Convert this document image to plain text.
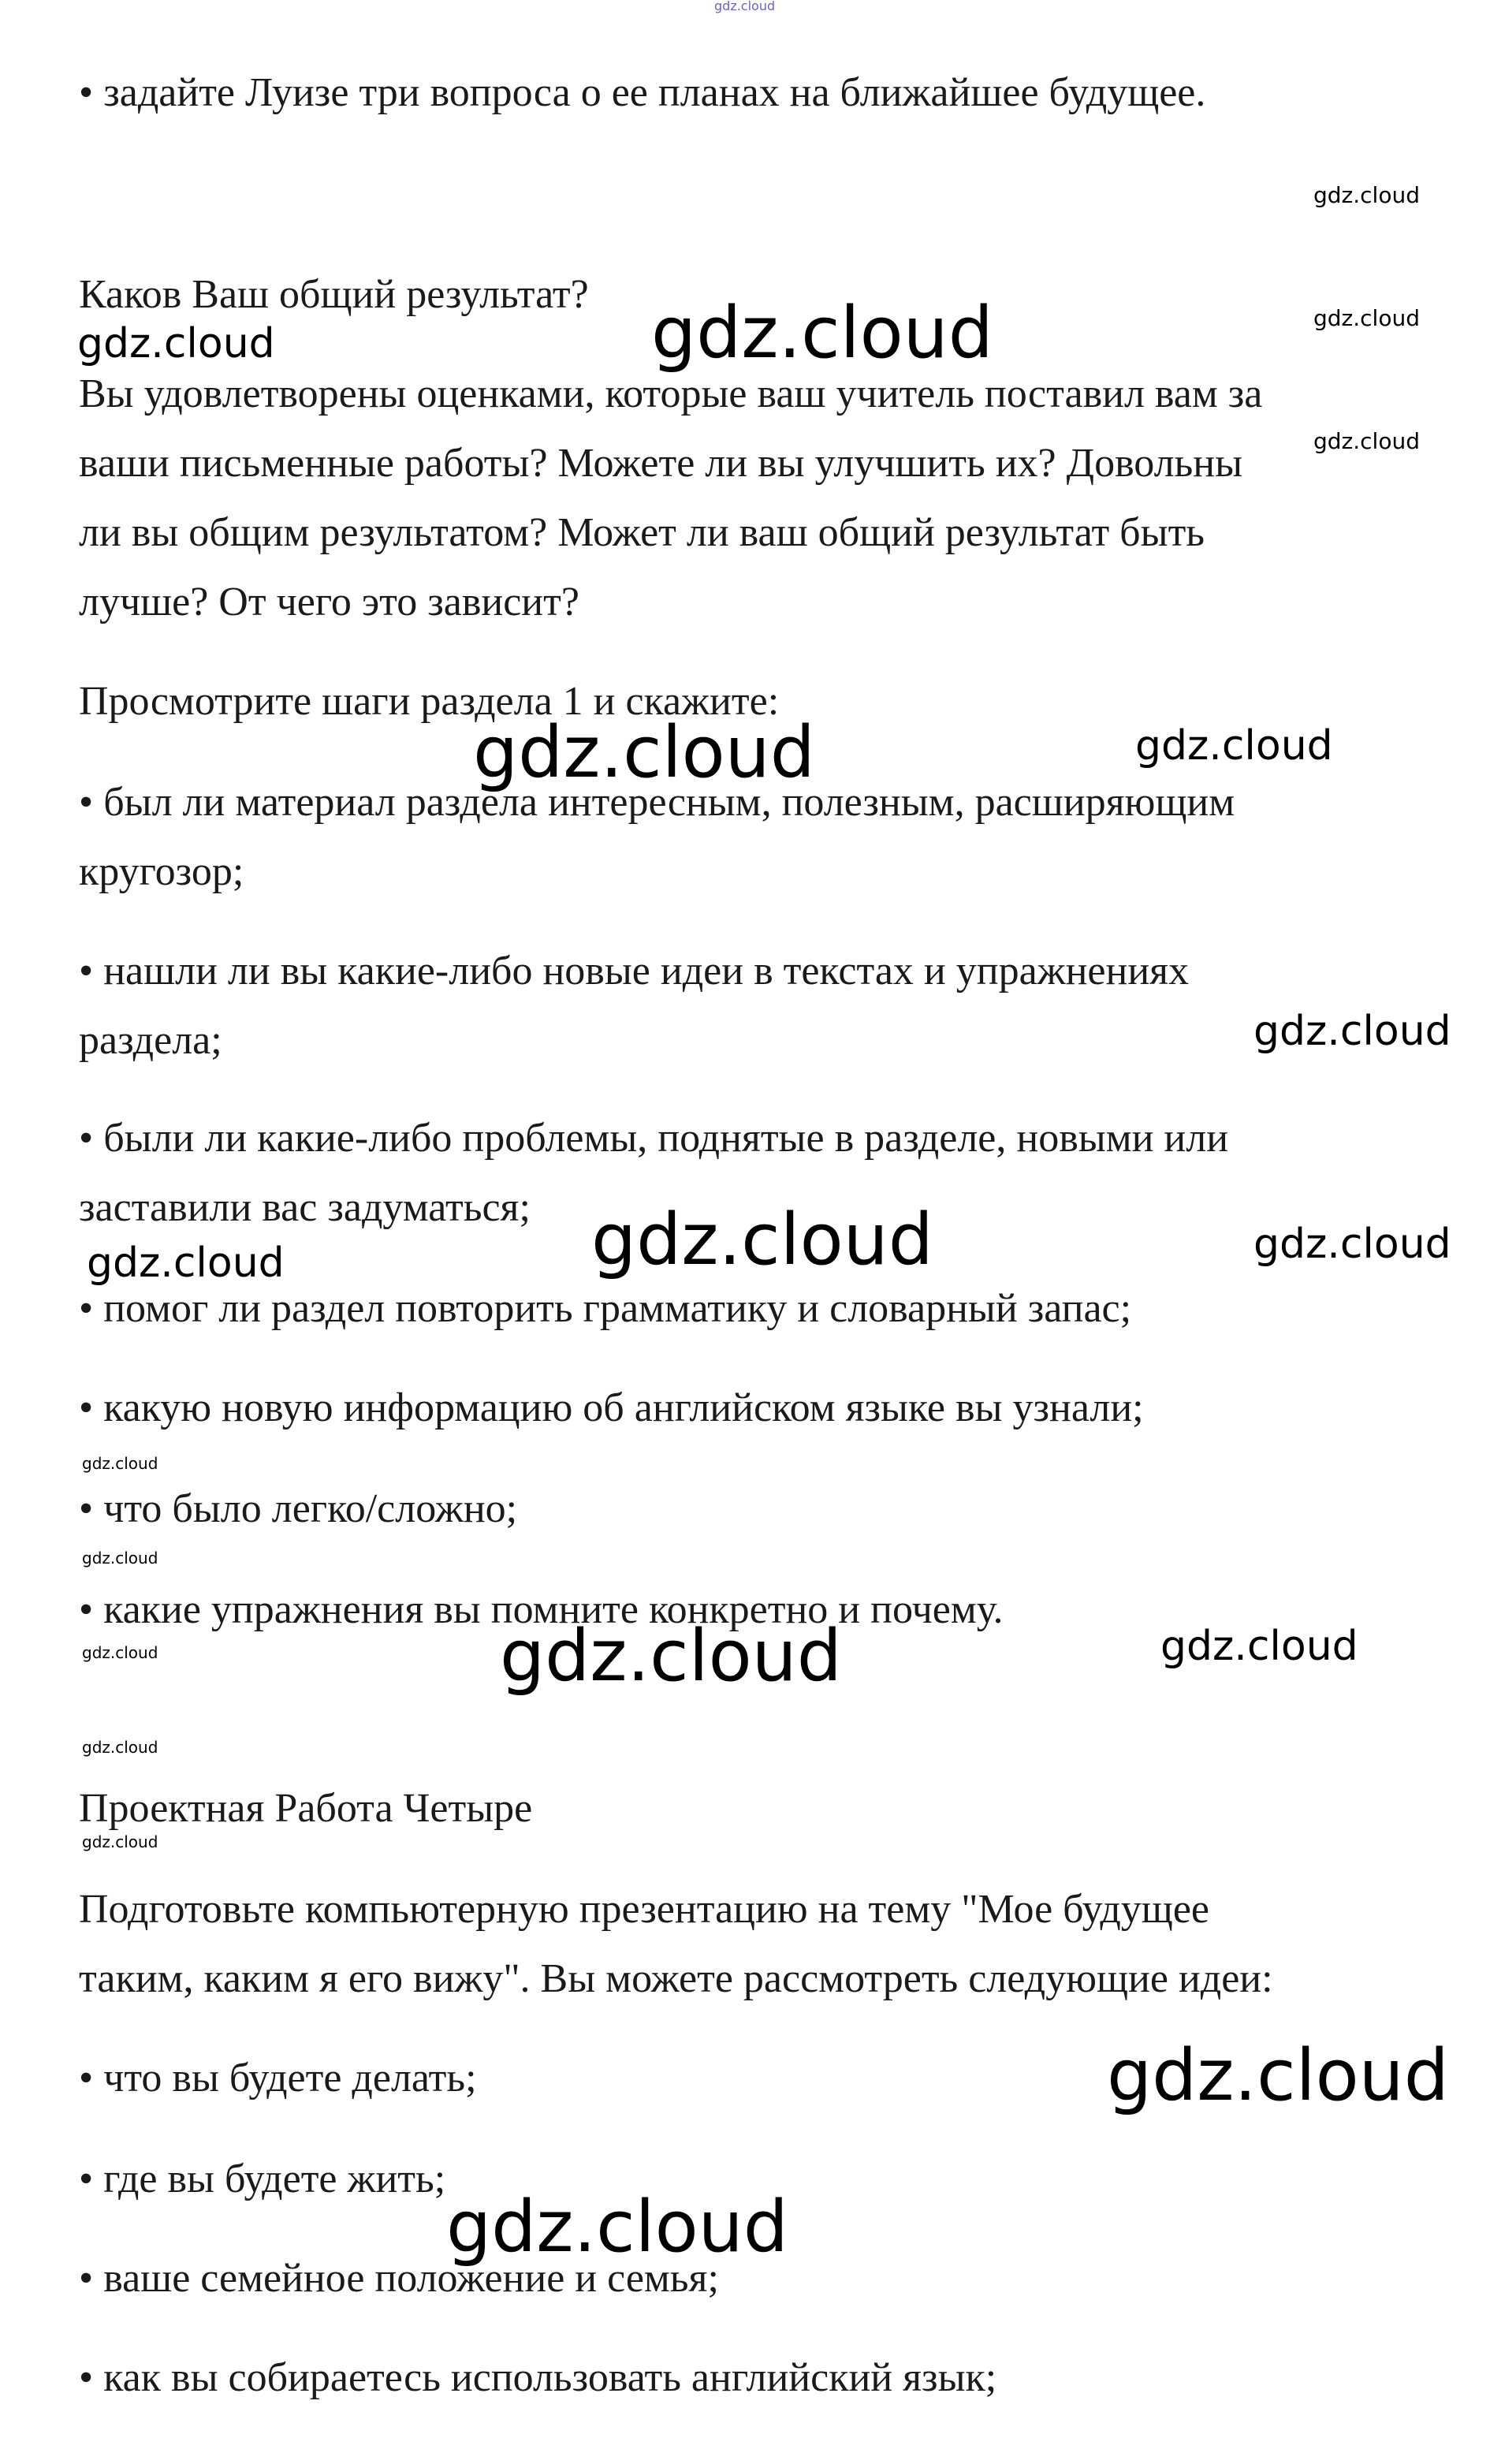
• задайте Луизе три вопроса о ее планах на ближайшее будущее.

Каков Ваш общий результат?

Вы удовлетворены оценками, которые ваш учитель поставил вам за

ваши письменные работы? Можете ли вы улучшить их? Довольны

ли вы общим результатом? Может ли ваш общий результат быть

лучше? От чего это зависит?

Просмотрите шаги раздела 1 и скажите:

• был ли материал раздела интересным, полезным, расширяющим

кругозор;

• нашли ли вы какие-либо новые идеи в текстах и упражнениях

раздела;

• были ли какие-либо проблемы, поднятые в разделе, новыми или

заставили вас задуматься;

• помог ли раздел повторить грамматику и словарный запас;

• какую новую информацию об английском языке вы узнали;

• что было легко/сложно;

• какие упражнения вы помните конкретно и почему.

Проектная Работа Четыре

Подготовьте компьютерную презентацию на тему "Мое будущее

таким, каким я его вижу". Вы можете рассмотреть следующие идеи:

• что вы будете делать;

• где вы будете жить;

• ваше семейное положение и семья;

• как вы собираетесь использовать английский язык;

gdz.cloud
gdz.cloud
gdz.cloud
gdz.cloud
gdz.cloud	gdz.cloud
gdz.cloud	gdz.cloud
gdz.cloud
gdz.cloud	gdz.cloud
gdz.cloud
gdz.cloud
gdz.cloud
gdz.cloud	gdz.cloud	gdz.cloud
gdz.cloud
gdz.cloud
gdz.cloud
gdz.cloud
